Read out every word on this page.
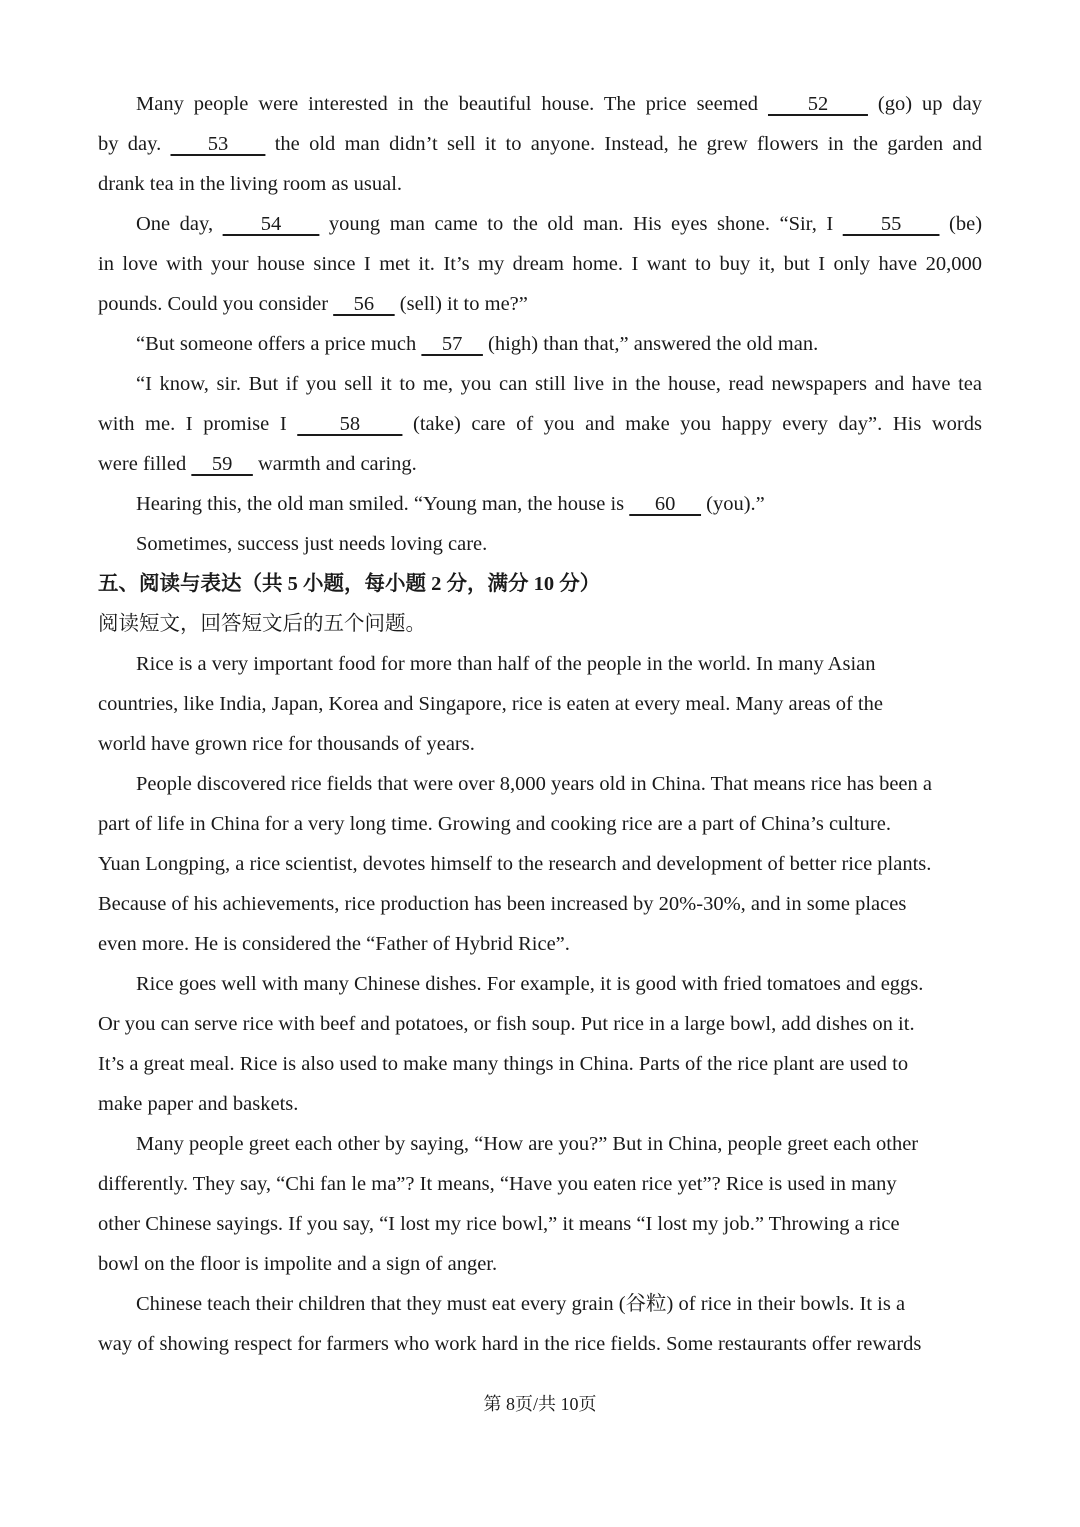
Many people were interested in the beautiful house. The price seemed     52     (go) up day
by day.     53     the old man didn’t sell it to anyone. Instead, he grew flowers in the garden and
drank tea in the living room as usual.
One day,     54     young man came to the old man. His eyes shone. “Sir, I     55     (be)
in love with your house since I met it. It’s my dream home. I want to buy it, but I only have 20,000
pounds. Could you consider     56     (sell) it to me?”
“But someone offers a price much     57     (high) than that,” answered the old man.
“I know, sir. But if you sell it to me, you can still live in the house, read newspapers and have tea
with me. I promise I     58     (take) care of you and make you happy every day”. His words
were filled     59     warmth and caring.
Hearing this, the old man smiled. “Young man, the house is      60      (you).”
Sometimes, success just needs loving care.
五、阅读与表达（共 5 小题，每小题 2 分，满分 10 分）
阅读短文，回答短文后的五个问题。
Rice is a very important food for more than half of the people in the world. In many Asian
countries, like India, Japan, Korea and Singapore, rice is eaten at every meal. Many areas of the
world have grown rice for thousands of years.
People discovered rice fields that were over 8,000 years old in China. That means rice has been a
part of life in China for a very long time. Growing and cooking rice are a part of China’s culture.
Yuan Longping, a rice scientist, devotes himself to the research and development of better rice plants.
Because of his achievements, rice production has been increased by 20%-30%, and in some places
even more. He is considered the “Father of Hybrid Rice”.
Rice goes well with many Chinese dishes. For example, it is good with fried tomatoes and eggs.
Or you can serve rice with beef and potatoes, or fish soup. Put rice in a large bowl, add dishes on it.
It’s a great meal. Rice is also used to make many things in China. Parts of the rice plant are used to
make paper and baskets.
Many people greet each other by saying, “How are you?” But in China, people greet each other
differently. They say, “Chi fan le ma”? It means, “Have you eaten rice yet”? Rice is used in many
other Chinese sayings. If you say, “I lost my rice bowl,” it means “I lost my job.” Throwing a rice
bowl on the floor is impolite and a sign of anger.
Chinese teach their children that they must eat every grain (谷粒) of rice in their bowls. It is a
way of showing respect for farmers who work hard in the rice fields. Some restaurants offer rewards
第 8页/共 10页
